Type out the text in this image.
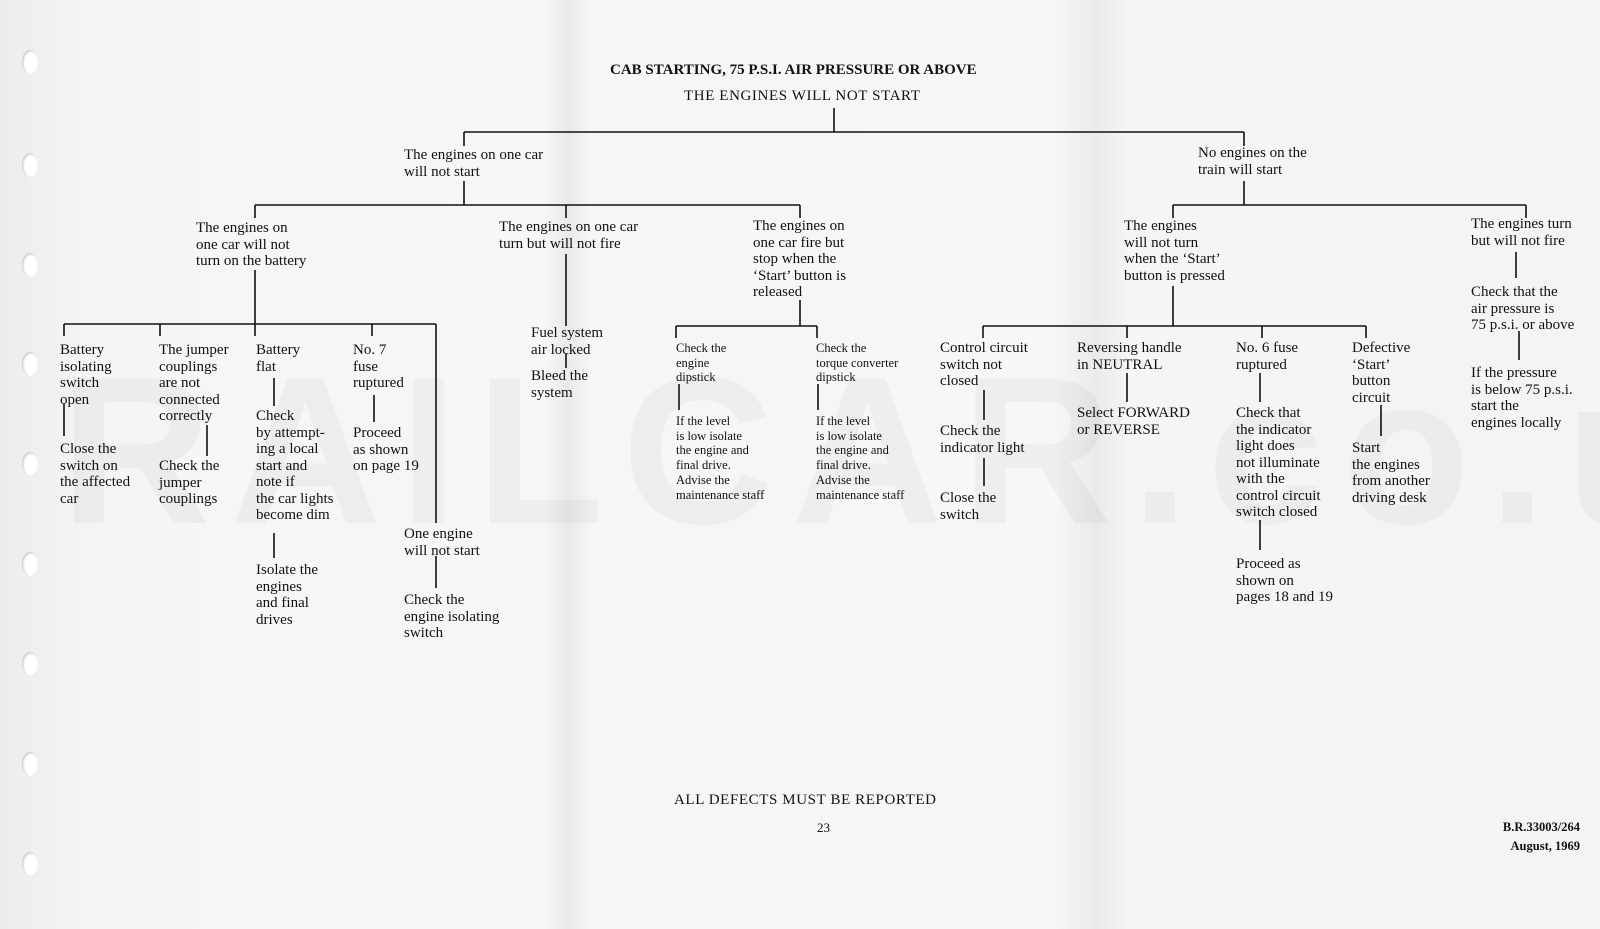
CAB STARTING, 75 P.S.I. AIR PRESSURE OR ABOVE
THE ENGINES WILL NOT START
The engines on one car
will not start
No engines on the
train will start
The engines on
one car will not
turn on the battery
The engines on one car
turn but will not fire
The engines on
one car fire but
stop when the
‘Start’ button is
released
Battery
isolating
switch
open
Close the
switch on
the affected
car
The jumper
couplings
are not
connected
correctly
Check the
jumper
couplings
Battery
flat
Check
by attempt-
ing a local
start and
note if
the car lights
become dim
Isolate the
engines
and final
drives
No. 7
fuse
ruptured
Proceed
as shown
on page 19
One engine
will not start
Check the
engine isolating
switch
Fuel system
air locked
Bleed the
system
Check the
engine
dipstick
If the level
is low isolate
the engine and
final drive.
Advise the
maintenance staff
Check the
torque converter
dipstick
If the level
is low isolate
the engine and
final drive.
Advise the
maintenance staff
The engines
will not turn
when the ‘Start’
button is pressed
The engines turn
but will not fire
Control circuit
switch not
closed
Check the
indicator light
Close the
switch
Reversing handle
in NEUTRAL
Select FORWARD
or REVERSE
No. 6 fuse
ruptured
Check that
the indicator
light does
not illuminate
with the
control circuit
switch closed
Proceed as
shown on
pages 18 and 19
Defective
‘Start’
button
circuit
Start
the engines
from another
driving desk
Check that the
air pressure is
75 p.s.i. or above
If the pressure
is below 75 p.s.i.
start the
engines locally
ALL DEFECTS MUST BE REPORTED
23	B.R.33003/264
August, 1969
